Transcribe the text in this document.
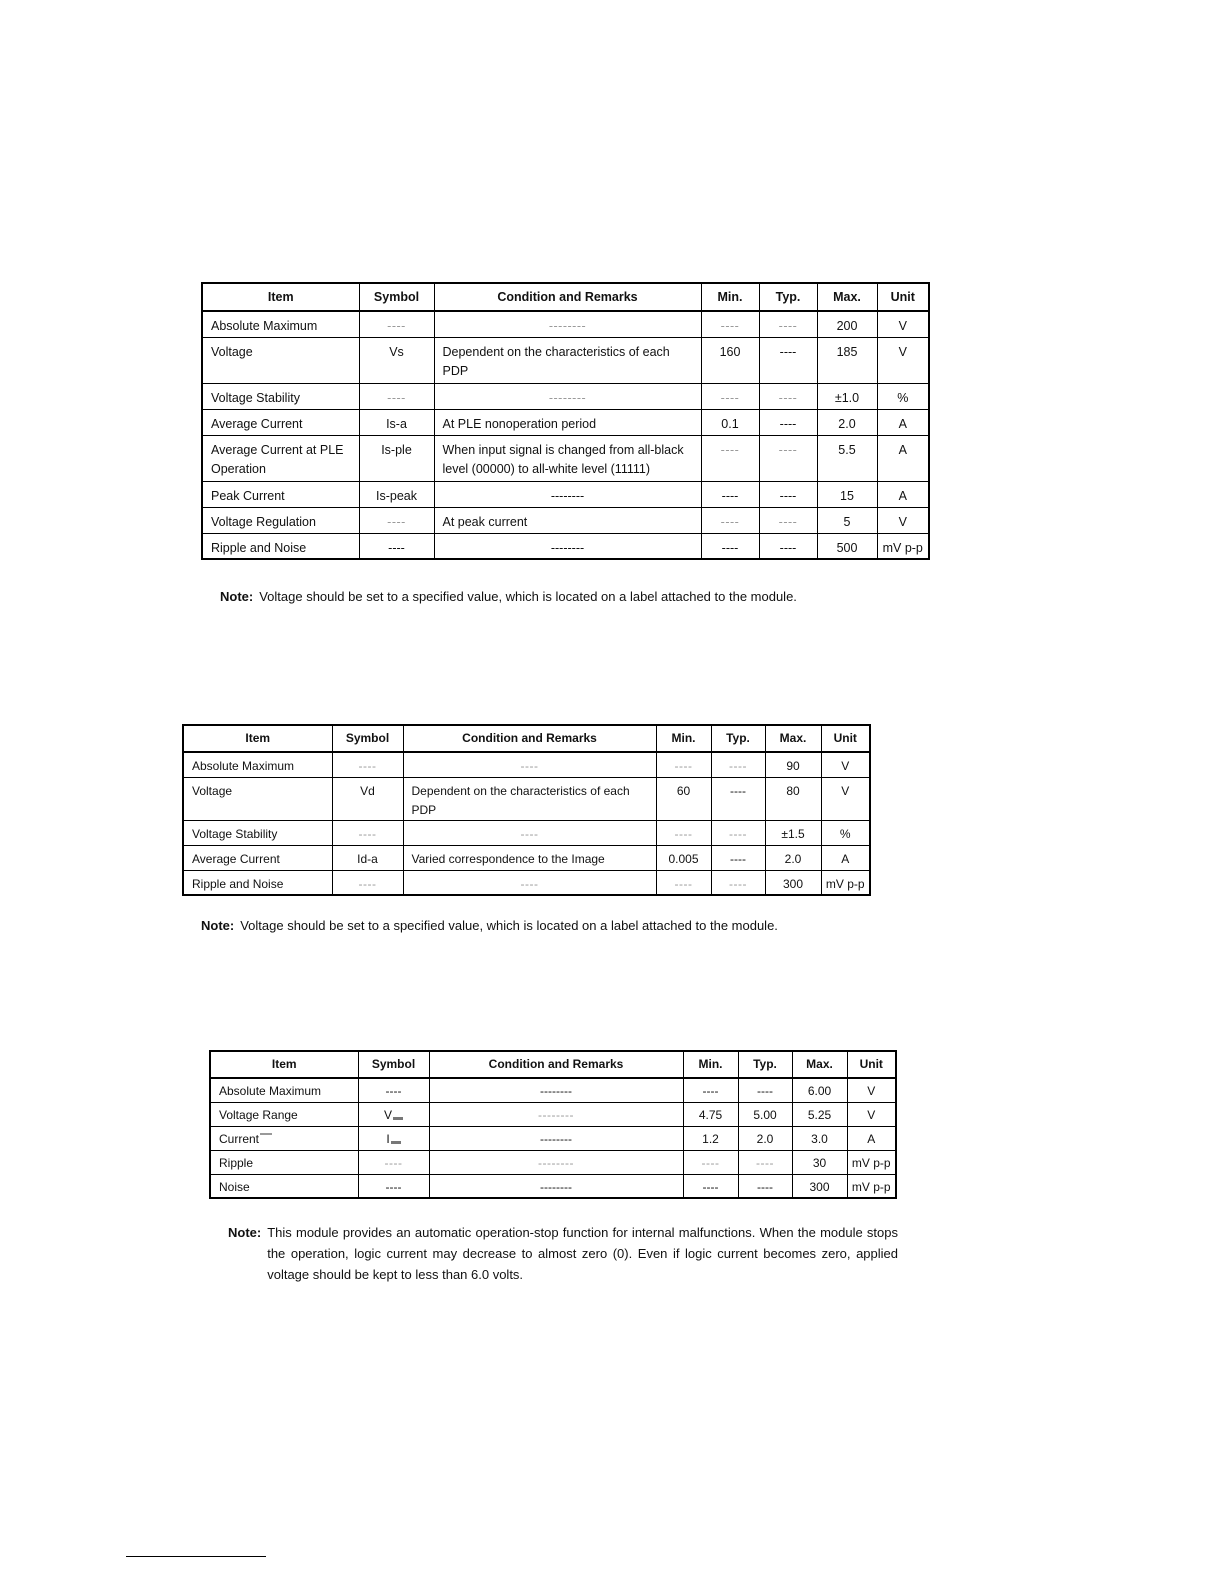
Item	Symbol	Condition and Remarks	Min.	Typ.	Max.	Unit
Absolute Maximum	----	--------	----	----	200	V
Voltage	Vs	Dependent on the characteristics of each PDP	160	----	185	V
Voltage Stability	----	--------	----	----	±1.0	%
Average Current	Is-a	At PLE nonoperation period	0.1	----	2.0	A
Average Current at PLE Operation	Is-ple	When input signal is changed from all-black level (00000) to all-white level (11111)	----	----	5.5	A
Peak Current	Is-peak	--------	----	----	15	A
Voltage Regulation	----	At peak current	----	----	5	V
Ripple and Noise	----	--------	----	----	500	mV p-p
Note: Voltage should be set to a specified value, which is located on a label attached to the module.
Item	Symbol	Condition and Remarks	Min.	Typ.	Max.	Unit
Absolute Maximum	----	----	----	----	90	V
Voltage	Vd	Dependent on the characteristics of each PDP	60	----	80	V
Voltage Stability	----	----	----	----	±1.5	%
Average Current	Id-a	Varied correspondence to the Image	0.005	----	2.0	A
Ripple and Noise	----	----	----	----	300	mV p-p
Note: Voltage should be set to a specified value, which is located on a label attached to the module.
Item	Symbol	Condition and Remarks	Min.	Typ.	Max.	Unit
Absolute Maximum	----	--------	----	----	6.00	V
Voltage Range	V	--------	4.75	5.00	5.25	V
Current	I	--------	1.2	2.0	3.0	A
Ripple	----	--------	----	----	30	mV p-p
Noise	----	--------	----	----	300	mV p-p
Note: This module provides an automatic operation-stop function for internal malfunctions. When the module stops the operation, logic current may decrease to almost zero (0). Even if logic current becomes zero, applied voltage should be kept to less than 6.0 volts.
